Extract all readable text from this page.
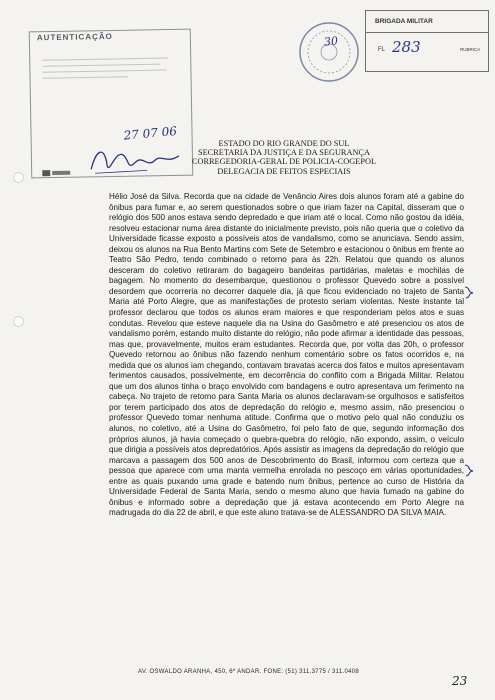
AUTENTICAÇÃO
27 07 06
30
BRIGADA MILITAR
FL 283	RUBRICA
ESTADO DO RIO GRANDE DO SUL
SECRETARIA DA JUSTIÇA E DA SEGURANÇA
CORREGEDORIA-GERAL DE POLICIA-COGEPOL
DELEGACIA DE FEITOS ESPECIAIS
Hélio José da Silva. Recorda que na cidade de Venâncio Aires dois alunos foram até a gabine do ônibus para fumar e, ao serem questionados sobre o que iriam fazer na Capital, disseram que o relógio dos 500 anos estava sendo depredado e que iriam até o local. Como não gostou da idéia, resolveu estacionar numa área distante do inicialmente previsto, pois não queria que o coletivo da Universidade ficasse exposto a possíveis atos de vandalismo, como se anunciava. Sendo assim, deixou os alunos na Rua Bento Martins com Sete de Setembro e estacionou o ônibus em frente ao Teatro São Pedro, tendo combinado o retorno para às 22h. Relatou que quando os alunos desceram do coletivo retiraram do bagageiro bandeiras partidárias, maletas e mochilas de bagagem. No momento do desembarque, questionou o professor Quevedo sobre a possível desordem que ocorreria no decorrer daquele dia, já que ficou evidenciado no trajeto de Santa Maria até Porto Alegre, que as manifestações de protesto seriam violentas. Neste instante tal professor declarou que todos os alunos eram maiores e que responderiam pelos atos e suas condutas. Revelou que esteve naquele dia na Usina do Gasômetro e até presenciou os atos de vandalismo porém, estando muito distante do relógio, não pode afirmar a identidade das pessoas, mas que, provavelmente, muitos eram estudantes. Recorda que, por volta das 20h, o professor Quevedo retornou ao ônibus não fazendo nenhum comentário sobre os fatos ocorridos e, na medida que os alunos iam chegando, contavam bravatas acerca dos fatos e muitos apresentavam ferimentos causados, possivelmente, em decorrência do conflito com a Brigada Militar. Relatou que um dos alunos tinha o braço envolvido com bandagens e outro apresentava um ferimento na cabeça. No trajeto de retorno para Santa Maria os alunos declaravam-se orgulhosos e satisfeitos por terem participado dos atos de depredação do relógio e, mesmo assim, não presenciou o professor Quevedo tomar nenhuma atitude. Confirma que o motivo pelo qual não conduziu os alunos, no coletivo, até a Usina do Gasômetro, foi pelo fato de que, segundo informação dos próprios alunos, já havia começado o quebra-quebra do relógio, não expondo, assim, o veículo que dirigia a possíveis atos depredatórios. Após assistir as imagens da depredação do relógio que marcava a passagem dos 500 anos de Descobrimento do Brasil, informou com certeza que a pessoa que aparece com uma manta vermelha enrolada no pescoço em várias oportunidades, entre as quais puxando uma grade e batendo num ônibus, pertence ao curso de História da Universidade Federal de Santa Maria, sendo o mesmo aluno que havia fumado na gabine do ônibus e informado sobre a depredação que já estava acontecendo em Porto Alegre na madrugada do dia 22 de abril, e que este aluno tratava-se de ALESSANDRO DA SILVA MAIA.
AV. OSWALDO ARANHA, 450, 6º ANDAR. FONE: (51) 311.3775 / 311.0408
23
